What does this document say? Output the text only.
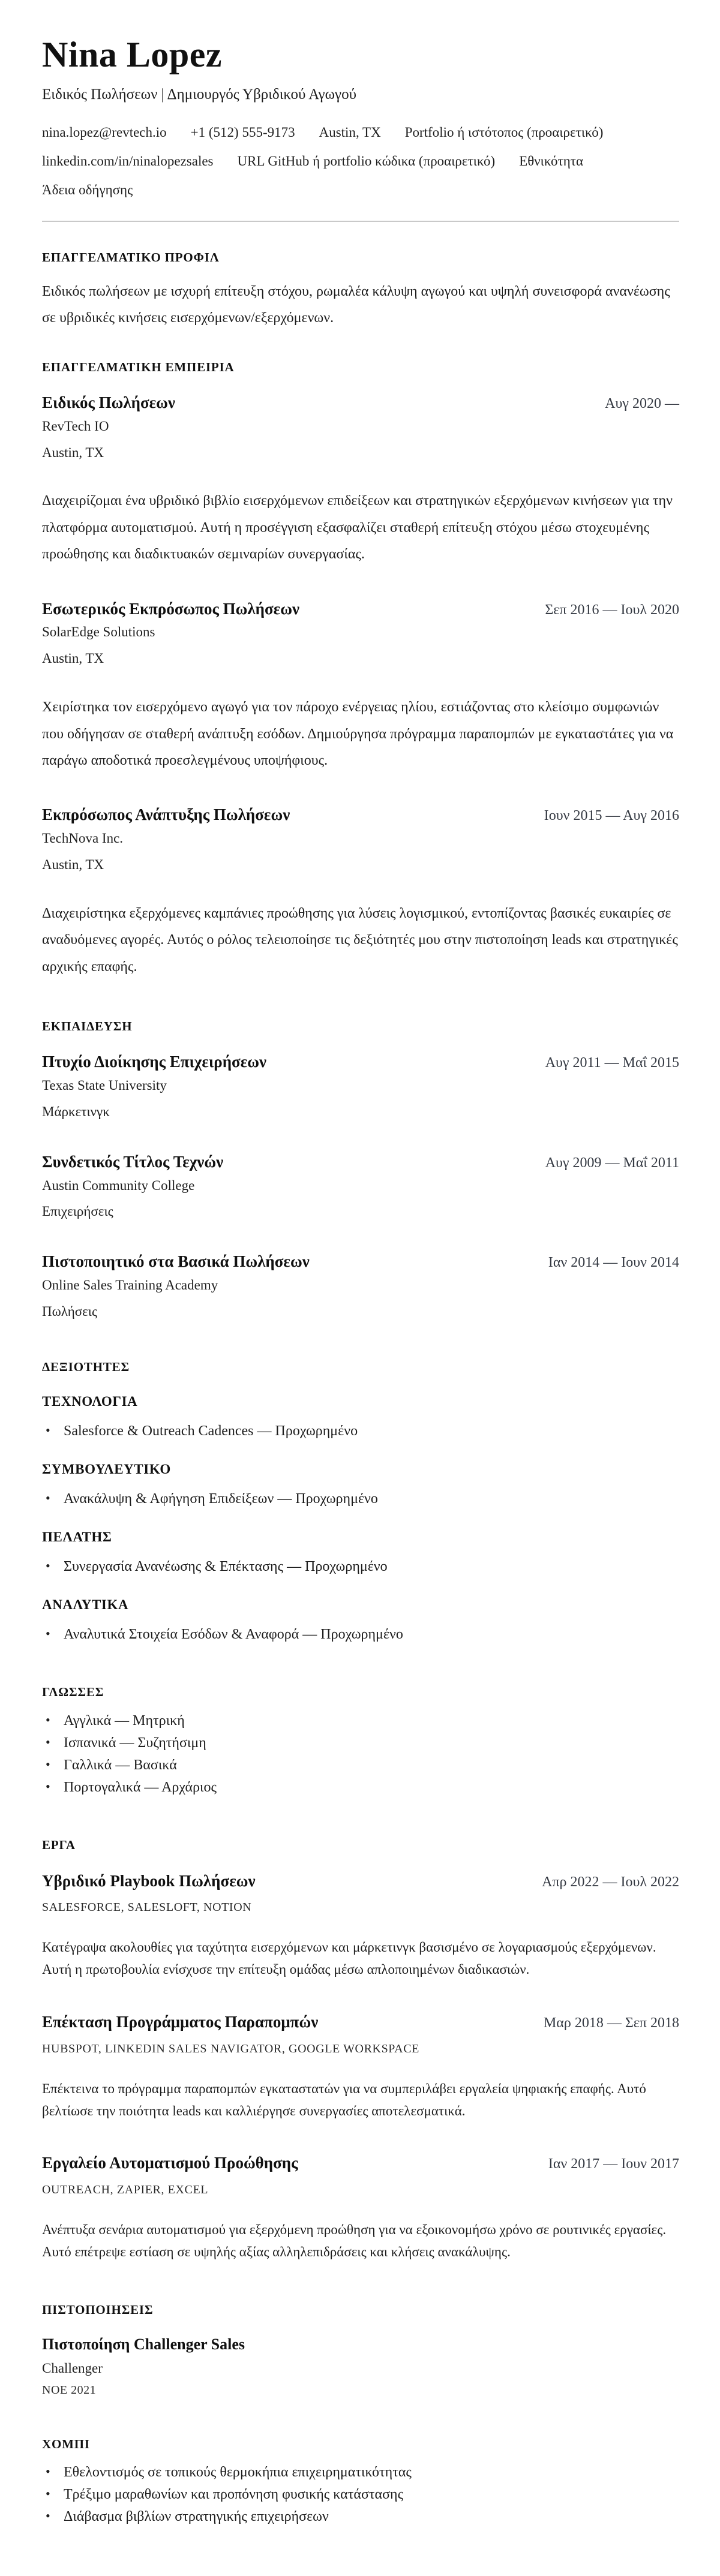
Nina Lopez
Ειδικός Πωλήσεων | Δημιουργός Υβριδικού Αγωγού
nina.lopez@revtech.io +1 (512) 555-9173 Austin, TX Portfolio ή ιστότοπος (προαιρετικό)
linkedin.com/in/ninalopezsales URL GitHub ή portfolio κώδικα (προαιρετικό) Εθνικότητα
Άδεια οδήγησης
ΕΠΑΓΓΕΛΜΑΤΙΚΟ ΠΡΟΦΙΛ

Ειδικός πωλήσεων με ισχυρή επίτευξη στόχου, ρωμαλέα κάλυψη αγωγού και υψηλή συνεισφορά ανανέωσης σε υβριδικές κινήσεις εισερχόμενων/εξερχόμενων.

ΕΠΑΓΓΕΛΜΑΤΙΚΗ ΕΜΠΕΙΡΙΑ
Ειδικός Πωλήσεων	Αυγ 2020 —
RevTech IO
Austin, TX

Διαχειρίζομαι ένα υβριδικό βιβλίο εισερχόμενων επιδείξεων και στρατηγικών εξερχόμενων κινήσεων για την πλατφόρμα αυτοματισμού. Αυτή η προσέγγιση εξασφαλίζει σταθερή επίτευξη στόχου μέσω στοχευμένης προώθησης και διαδικτυακών σεμιναρίων συνεργασίας.

Εσωτερικός Εκπρόσωπος Πωλήσεων	Σεπ 2016 — Ιουλ 2020
SolarEdge Solutions
Austin, TX

Χειρίστηκα τον εισερχόμενο αγωγό για τον πάροχο ενέργειας ηλίου, εστιάζοντας στο κλείσιμο συμφωνιών που οδήγησαν σε σταθερή ανάπτυξη εσόδων. Δημιούργησα πρόγραμμα παραπομπών με εγκαταστάτες για να παράγω αποδοτικά προεσλεγμένους υποψήφιους.

Εκπρόσωπος Ανάπτυξης Πωλήσεων	Ιουν 2015 — Αυγ 2016
TechNova Inc.
Austin, TX

Διαχειρίστηκα εξερχόμενες καμπάνιες προώθησης για λύσεις λογισμικού, εντοπίζοντας βασικές ευκαιρίες σε αναδυόμενες αγορές. Αυτός ο ρόλος τελειοποίησε τις δεξιότητές μου στην πιστοποίηση leads και στρατηγικές αρχικής επαφής.

ΕΚΠΑΙΔΕΥΣΗ
Πτυχίο Διοίκησης Επιχειρήσεων	Αυγ 2011 — Μαΐ 2015
Texas State University
Μάρκετινγκ
Συνδετικός Τίτλος Τεχνών	Αυγ 2009 — Μαΐ 2011
Austin Community College
Επιχειρήσεις
Πιστοποιητικό στα Βασικά Πωλήσεων	Ιαν 2014 — Ιουν 2014
Online Sales Training Academy
Πωλήσεις
ΔΕΞΙΟΤΗΤΕΣ
ΤΕΧΝΟΛΟΓΙΑ
• Salesforce & Outreach Cadences — Προχωρημένο
ΣΥΜΒΟΥΛΕΥΤΙΚΟ
• Ανακάλυψη & Αφήγηση Επιδείξεων — Προχωρημένο
ΠΕΛΑΤΗΣ
• Συνεργασία Ανανέωσης & Επέκτασης — Προχωρημένο
ΑΝΑΛΥΤΙΚΑ
• Αναλυτικά Στοιχεία Εσόδων & Αναφορά — Προχωρημένο
ΓΛΩΣΣΕΣ
• Αγγλικά — Μητρική
• Ισπανικά — Συζητήσιμη
• Γαλλικά — Βασικά
• Πορτογαλικά — Αρχάριος
ΕΡΓΑ
Υβριδικό Playbook Πωλήσεων	Απρ 2022 — Ιουλ 2022
SALESFORCE, SALESLOFT, NOTION

Κατέγραψα ακολουθίες για ταχύτητα εισερχόμενων και μάρκετινγκ βασισμένο σε λογαριασμούς εξερχόμενων. Αυτή η πρωτοβουλία ενίσχυσε την επίτευξη ομάδας μέσω απλοποιημένων διαδικασιών.

Επέκταση Προγράμματος Παραπομπών	Μαρ 2018 — Σεπ 2018
HUBSPOT, LINKEDIN SALES NAVIGATOR, GOOGLE WORKSPACE

Επέκτεινα το πρόγραμμα παραπομπών εγκαταστατών για να συμπεριλάβει εργαλεία ψηφιακής επαφής. Αυτό βελτίωσε την ποιότητα leads και καλλιέργησε συνεργασίες αποτελεσματικά.

Εργαλείο Αυτοματισμού Προώθησης	Ιαν 2017 — Ιουν 2017
OUTREACH, ZAPIER, EXCEL

Ανέπτυξα σενάρια αυτοματισμού για εξερχόμενη προώθηση για να εξοικονομήσω χρόνο σε ρουτινικές εργασίες. Αυτό επέτρεψε εστίαση σε υψηλής αξίας αλληλεπιδράσεις και κλήσεις ανακάλυψης.

ΠΙΣΤΟΠΟΙΗΣΕΙΣ
Πιστοποίηση Challenger Sales
Challenger
ΝΟΕ 2021
ΧΟΜΠΙ
• Εθελοντισμός σε τοπικούς θερμοκήπια επιχειρηματικότητας
• Τρέξιμο μαραθωνίων και προπόνηση φυσικής κατάστασης
• Διάβασμα βιβλίων στρατηγικής επιχειρήσεων
